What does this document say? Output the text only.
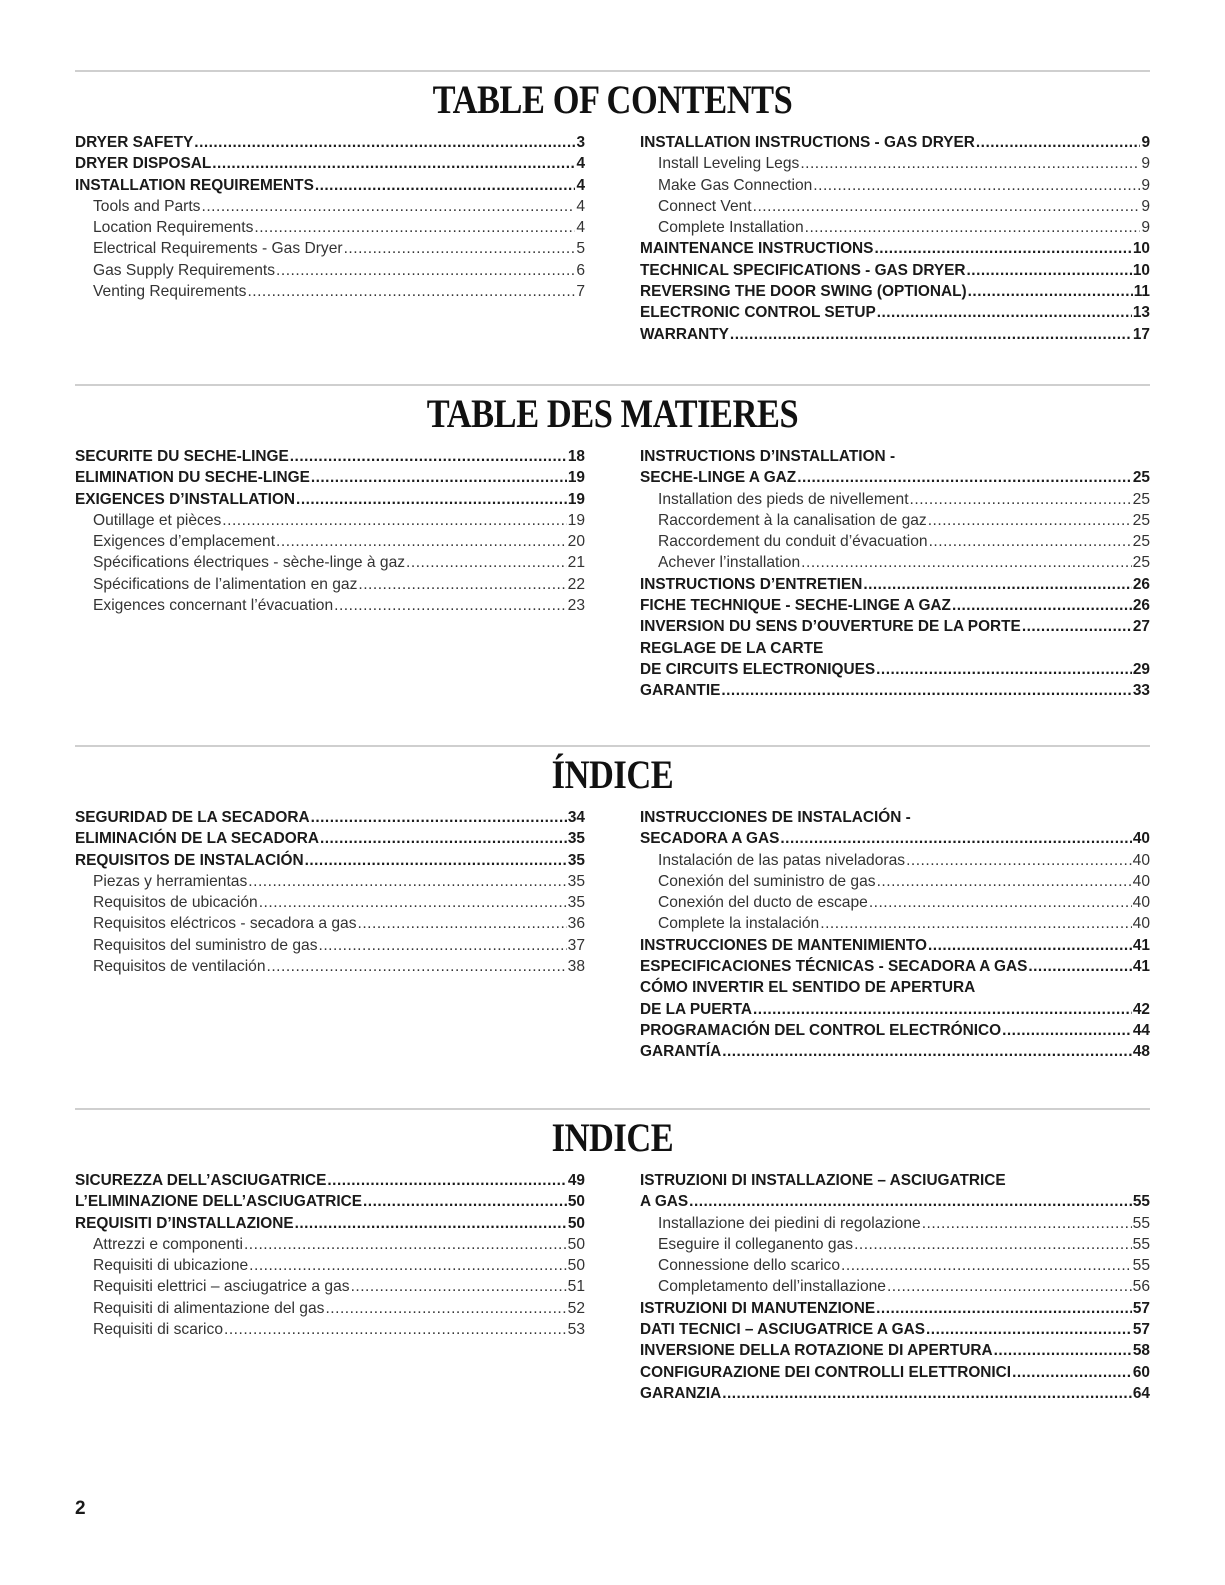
TABLE OF CONTENTS
DRYER SAFETY .....	3
DRYER DISPOSAL .....	4
INSTALLATION REQUIREMENTS .....	4
Tools and Parts .....	4
Location Requirements .....	4
Electrical Requirements - Gas Dryer .....	5
Gas Supply Requirements .....	6
Venting Requirements .....	7
INSTALLATION INSTRUCTIONS - GAS DRYER .....	9
Install Leveling Legs .....	9
Make Gas Connection .....	9
Connect Vent .....	9
Complete Installation .....	9
MAINTENANCE INSTRUCTIONS .....	10
TECHNICAL SPECIFICATIONS - GAS DRYER .....	10
REVERSING THE DOOR SWING (OPTIONAL) .....	11
ELECTRONIC CONTROL SETUP .....	13
WARRANTY .....	17
TABLE DES MATIERES
SECURITE DU SECHE-LINGE .....	18
ELIMINATION DU SECHE-LINGE .....	19
EXIGENCES D’INSTALLATION .....	19
Outillage et pièces .....	19
Exigences d’emplacement .....	20
Spécifications électriques - sèche-linge à gaz .....	21
Spécifications de l’alimentation en gaz .....	22
Exigences concernant l’évacuation .....	23
INSTRUCTIONS D’INSTALLATION -
SECHE-LINGE A GAZ .....	25
Installation des pieds de nivellement .....	25
Raccordement à la canalisation de gaz .....	25
Raccordement du conduit d’évacuation .....	25
Achever l’installation .....	25
INSTRUCTIONS D’ENTRETIEN .....	26
FICHE TECHNIQUE - SECHE-LINGE A GAZ .....	26
INVERSION DU SENS D’OUVERTURE DE LA PORTE .....	27
REGLAGE DE LA CARTE
DE CIRCUITS ELECTRONIQUES .....	29
GARANTIE .....	33
ÍNDICE
SEGURIDAD DE LA SECADORA .....	34
ELIMINACIÓN DE LA SECADORA .....	35
REQUISITOS DE INSTALACIÓN .....	35
Piezas y herramientas .....	35
Requisitos de ubicación .....	35
Requisitos eléctricos - secadora a gas .....	36
Requisitos del suministro de gas .....	37
Requisitos de ventilación .....	38
INSTRUCCIONES DE INSTALACIÓN -
SECADORA A GAS .....	40
Instalación de las patas niveladoras .....	40
Conexión del suministro de gas .....	40
Conexión del ducto de escape .....	40
Complete la instalación .....	40
INSTRUCCIONES DE MANTENIMIENTO .....	41
ESPECIFICACIONES TÉCNICAS - SECADORA A GAS .....	41
CÓMO INVERTIR EL SENTIDO DE APERTURA
DE LA PUERTA .....	42
PROGRAMACIÓN DEL CONTROL ELECTRÓNICO .....	44
GARANTÍA .....	48
INDICE
SICUREZZA DELL’ASCIUGATRICE .....	49
L’ELIMINAZIONE DELL’ASCIUGATRICE .....	50
REQUISITI D’INSTALLAZIONE .....	50
Attrezzi e componenti .....	50
Requisiti di ubicazione .....	50
Requisiti elettrici – asciugatrice a gas .....	51
Requisiti di alimentazione del gas .....	52
Requisiti di scarico .....	53
ISTRUZIONI DI INSTALLAZIONE – ASCIUGATRICE
A GAS .....	55
Installazione dei piedini di regolazione .....	55
Eseguire il colleganento gas .....	55
Connessione dello scarico .....	55
Completamento dell’installazione .....	56
ISTRUZIONI DI MANUTENZIONE .....	57
DATI TECNICI – ASCIUGATRICE A GAS .....	57
INVERSIONE DELLA ROTAZIONE DI APERTURA .....	58
CONFIGURAZIONE DEI CONTROLLI ELETTRONICI .....	60
GARANZIA .....	64
2
